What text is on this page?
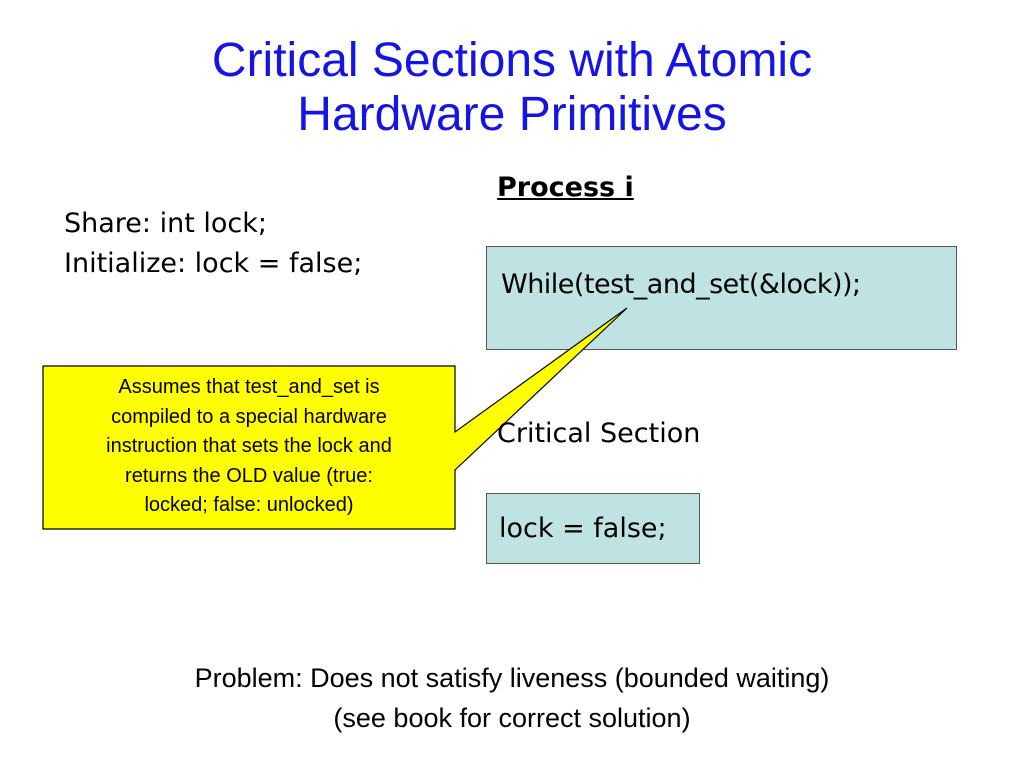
Critical Sections with Atomic
Hardware Primitives
Process i
Share: int lock;
Initialize: lock = false;
While(test_and_set(&lock));
Assumes that test_and_set is
compiled to a special hardware
instruction that sets the lock and
returns the OLD value (true:
locked; false: unlocked)
Critical Section
lock = false;
Problem: Does not satisfy liveness (bounded waiting)
(see book for correct solution)
